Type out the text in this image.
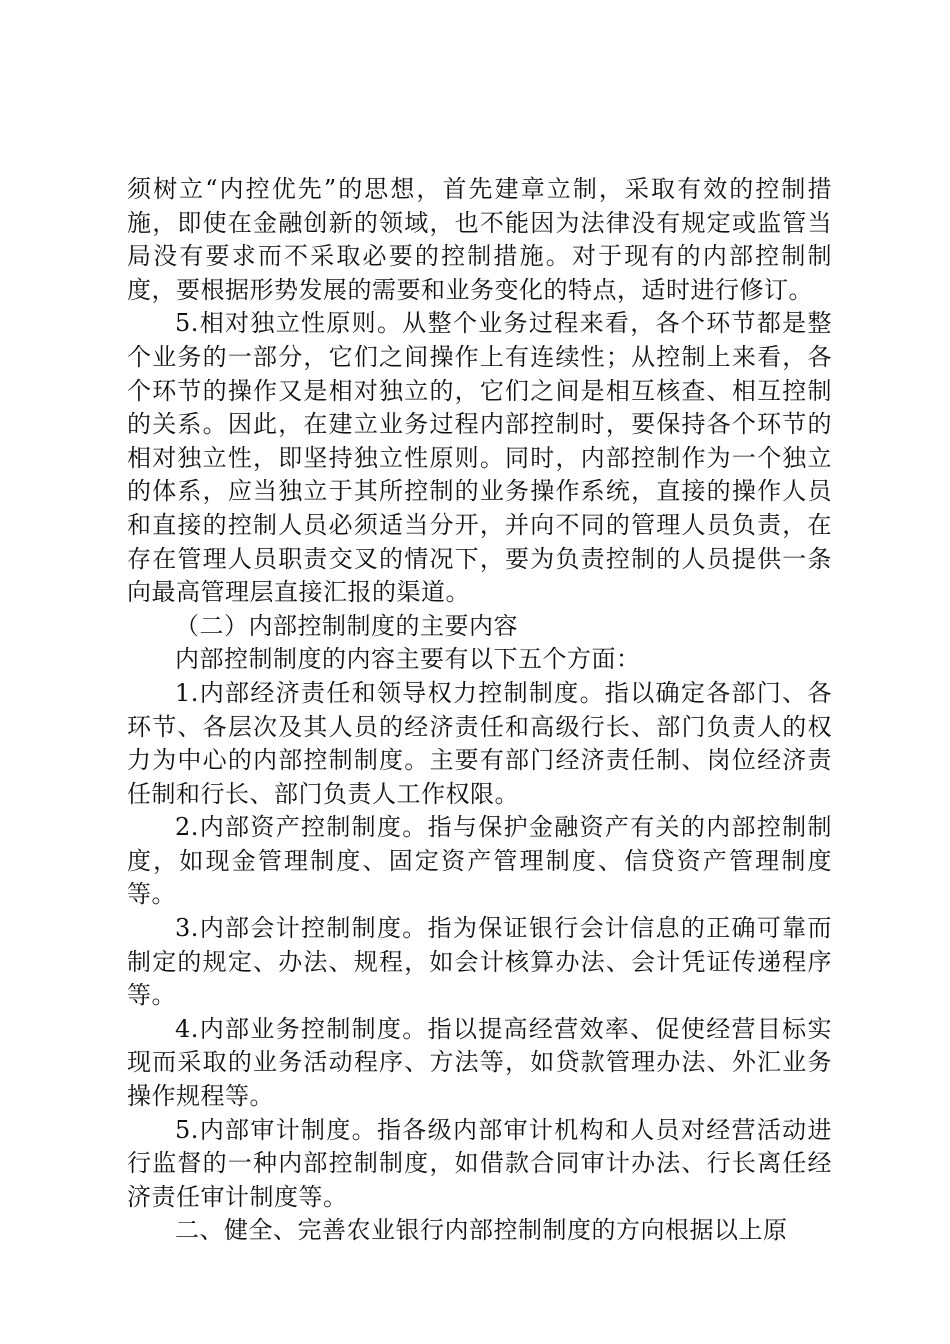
须树立“内控优先”的思想，首先建章立制，采取有效的控制措施，即使在金融创新的领域，也不能因为法律没有规定或监管当局没有要求而不采取必要的控制措施。对于现有的内部控制制度，要根据形势发展的需要和业务变化的特点，适时进行修订。

5.相对独立性原则。从整个业务过程来看，各个环节都是整个业务的一部分，它们之间操作上有连续性；从控制上来看，各个环节的操作又是相对独立的，它们之间是相互核查、相互控制的关系。因此，在建立业务过程内部控制时，要保持各个环节的相对独立性，即坚持独立性原则。同时，内部控制作为一个独立的体系，应当独立于其所控制的业务操作系统，直接的操作人员和直接的控制人员必须适当分开，并向不同的管理人员负责，在存在管理人员职责交叉的情况下，要为负责控制的人员提供一条向最高管理层直接汇报的渠道。

（二）内部控制制度的主要内容

内部控制制度的内容主要有以下五个方面：

1.内部经济责任和领导权力控制制度。指以确定各部门、各环节、各层次及其人员的经济责任和高级行长、部门负责人的权力为中心的内部控制制度。主要有部门经济责任制、岗位经济责任制和行长、部门负责人工作权限。

2.内部资产控制制度。指与保护金融资产有关的内部控制制度，如现金管理制度、固定资产管理制度、信贷资产管理制度等。

3.内部会计控制制度。指为保证银行会计信息的正确可靠而制定的规定、办法、规程，如会计核算办法、会计凭证传递程序等。

4.内部业务控制制度。指以提高经营效率、促使经营目标实现而采取的业务活动程序、方法等，如贷款管理办法、外汇业务操作规程等。

5.内部审计制度。指各级内部审计机构和人员对经营活动进行监督的一种内部控制制度，如借款合同审计办法、行长离任经济责任审计制度等。

二、健全、完善农业银行内部控制制度的方向根据以上原
